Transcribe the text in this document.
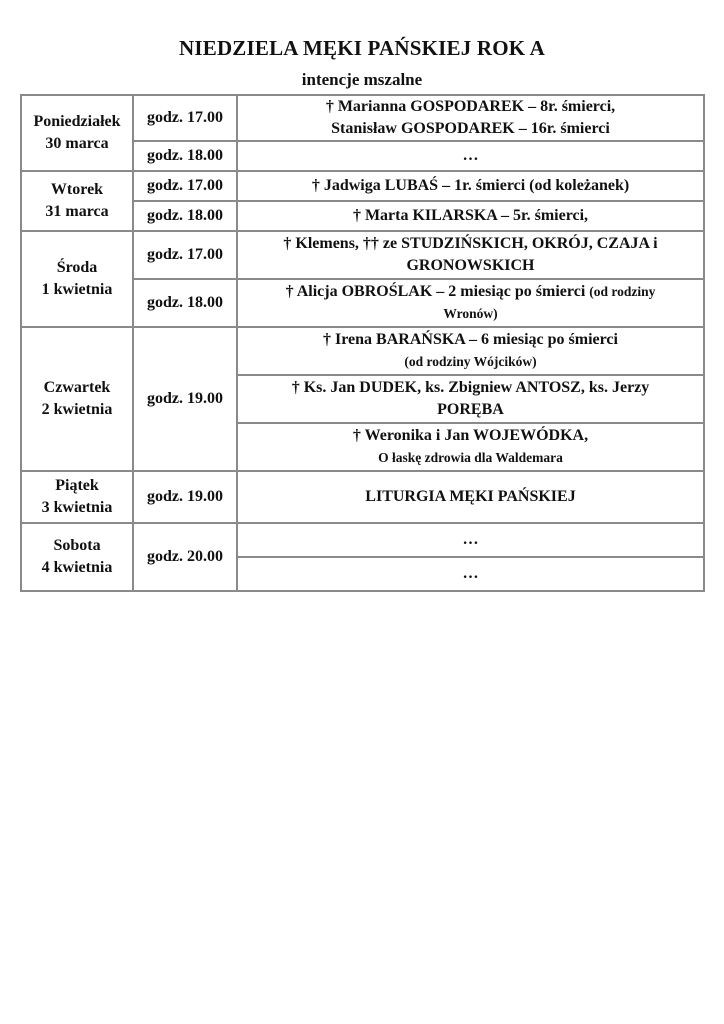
NIEDZIELA MĘKI PAŃSKIEJ ROK A
intencje mszalne
Poniedziałek
30 marca	godz. 17.00	† Marianna GOSPODAREK – 8r. śmierci,
Stanisław GOSPODAREK – 16r. śmierci

	godz. 18.00	…

Wtorek
31 marca	godz. 17.00	† Jadwiga LUBAŚ – 1r. śmierci (od koleżanek)

	godz. 18.00	† Marta KILARSKA – 5r. śmierci,

Środa
1 kwietnia	godz. 17.00	† Klemens, †† ze STUDZIŃSKICH, OKRÓJ, CZAJA i
GRONOWSKICH

	godz. 18.00	† Alicja OBROŚLAK – 2 miesiąc po śmierci (od rodziny
Wronów)

Czwartek
2 kwietnia	godz. 19.00	† Irena BARAŃSKA – 6 miesiąc po śmierci
(od rodziny Wójcików)

		† Ks. Jan DUDEK, ks. Zbigniew ANTOSZ, ks. Jerzy
PORĘBA

		† Weronika i Jan WOJEWÓDKA,
O łaskę zdrowia dla Waldemara

Piątek
3 kwietnia	godz. 19.00	LITURGIA MĘKI PAŃSKIEJ

Sobota
4 kwietnia	godz. 20.00	…

		…
